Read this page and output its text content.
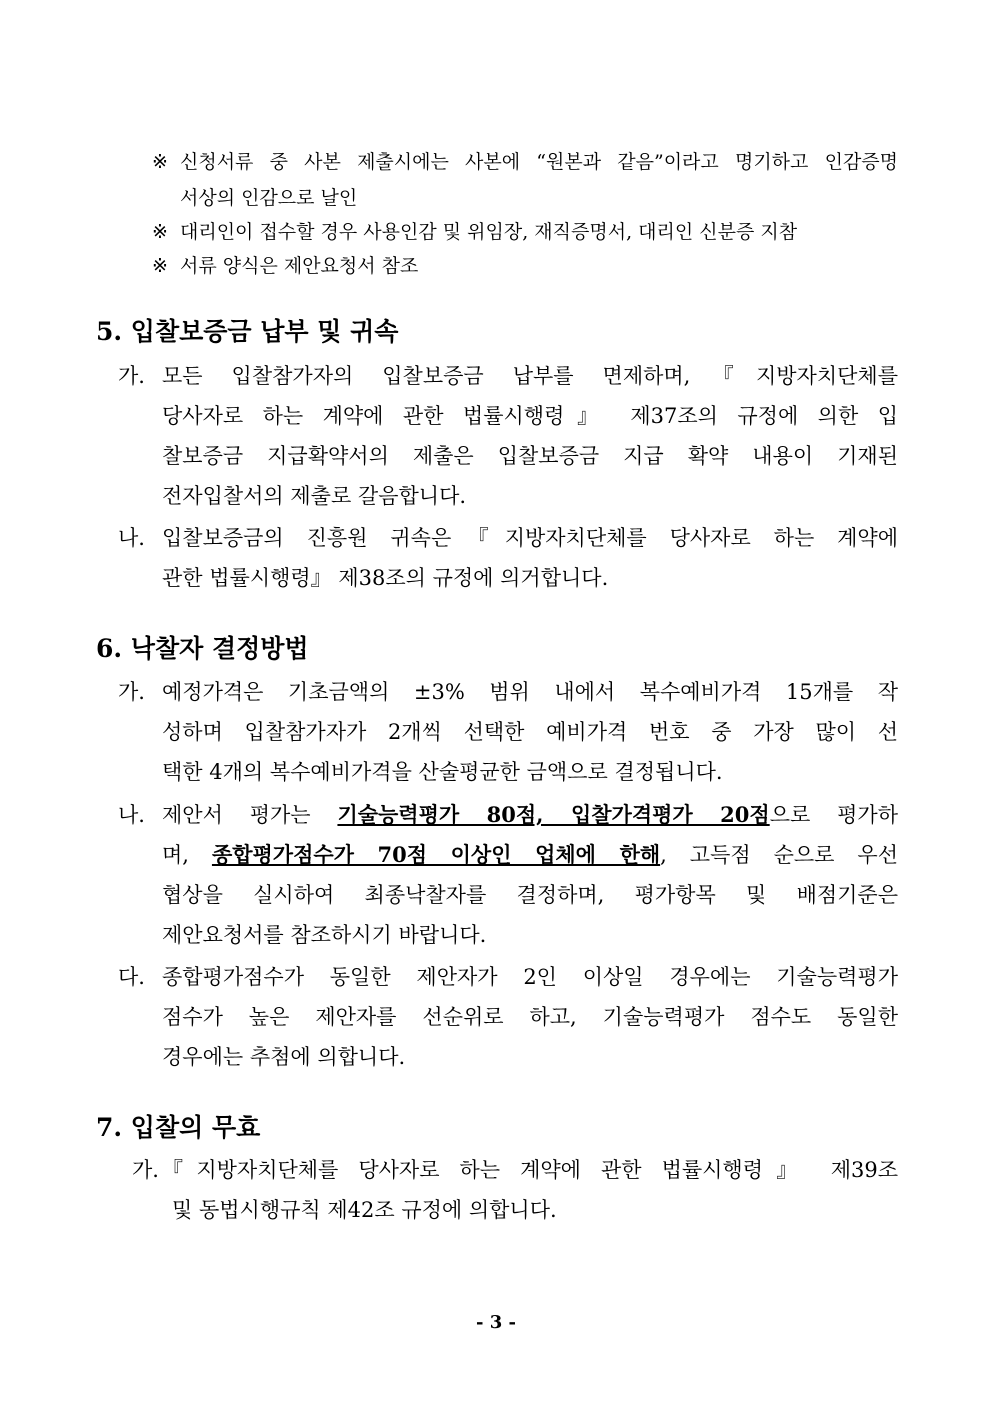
※ 신청서류 중 사본 제출시에는 사본에 “원본과 같음”이라고 명기하고 인감증명
서상의 인감으로 날인
※ 대리인이 접수할 경우 사용인감 및 위임장, 재직증명서, 대리인 신분증 지참
※ 서류 양식은 제안요청서 참조
5. 입찰보증금 납부 및 귀속
가. 모든 입찰참가자의 입찰보증금 납부를 면제하며,『지방자치단체를
당사자로 하는 계약에 관한 법률시행령』 제37조의 규정에 의한 입
찰보증금 지급확약서의 제출은 입찰보증금 지급 확약 내용이 기재된
전자입찰서의 제출로 갈음합니다.
나. 입찰보증금의 진흥원 귀속은『지방자치단체를 당사자로 하는 계약에
관한 법률시행령』 제38조의 규정에 의거합니다.
6. 낙찰자 결정방법
가. 예정가격은 기초금액의 ±3% 범위 내에서 복수예비가격 15개를 작
성하며 입찰참가자가 2개씩 선택한 예비가격 번호 중 가장 많이 선
택한 4개의 복수예비가격을 산술평균한 금액으로 결정됩니다.
나. 제안서 평가는 기술능력평가 80점, 입찰가격평가 20점으로 평가하
며, 종합평가점수가 70점 이상인 업체에 한해, 고득점 순으로 우선
협상을 실시하여 최종낙찰자를 결정하며, 평가항목 및 배점기준은
제안요청서를 참조하시기 바랍니다.
다. 종합평가점수가 동일한 제안자가 2인 이상일 경우에는 기술능력평가
점수가 높은 제안자를 선순위로 하고, 기술능력평가 점수도 동일한
경우에는 추첨에 의합니다.
7. 입찰의 무효
가. 『지방자치단체를 당사자로 하는 계약에 관한 법률시행령』 제39조
및 동법시행규칙 제42조 규정에 의합니다.
- 3 -
